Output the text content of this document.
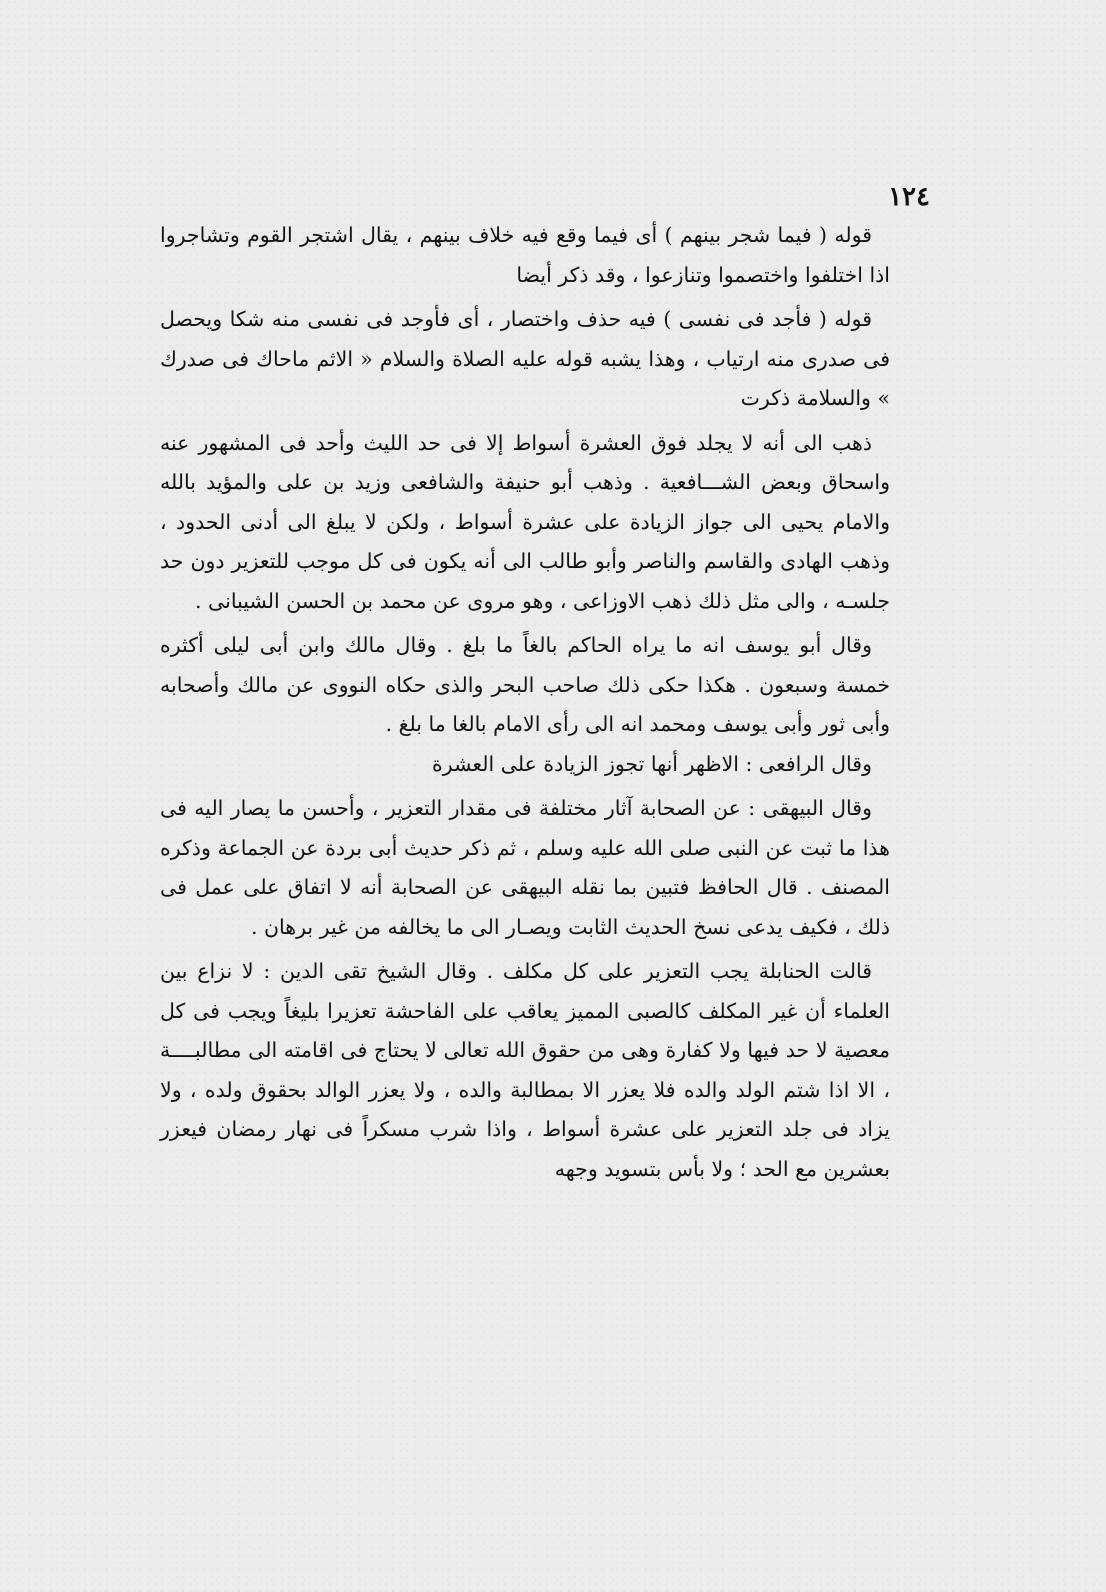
١٢٤

قوله ( فيما شجر بينهم ) أى فيما وقع فيه خلاف بينهم ، يقال اشتجر القوم وتشاجروا اذا اختلفوا واختصموا وتنازعوا ، وقد ذكر أيضا

قوله ( فأجد فى نفسى ) فيه حذف واختصار ، أى فأوجد فى نفسى منه شكا ويحصل فى صدرى منه ارتياب ، وهذا يشبه قوله عليه الصلاة والسلام « الاثم ماحاك فى صدرك » والسلامة ذكرت

ذهب الى أنه لا يجلد فوق العشرة أسواط إلا فى حد الليث وأحد فى المشهور عنه واسحاق وبعض الشـــافعية . وذهب أبو حنيفة والشافعى وزيد بن على والمؤيد بالله والامام يحيى الى جواز الزيادة على عشرة أسواط ، ولكن لا يبلغ الى أدنى الحدود ، وذهب الهادى والقاسم والناصر وأبو طالب الى أنه يكون فى كل موجب للتعزير دون حد جلسـه ، والى مثل ذلك ذهب الاوزاعى ، وهو مروى عن محمد بن الحسن الشيبانى .

وقال أبو يوسف انه ما يراه الحاكم بالغاً ما بلغ . وقال مالك وابن أبى ليلى أكثره خمسة وسبعون . هكذا حكى ذلك صاحب البحر والذى حكاه النووى عن مالك وأصحابه وأبى ثور وأبى يوسف ومحمد انه الى رأى الامام بالغا ما بلغ .

وقال الرافعى : الاظهر أنها تجوز الزيادة على العشرة

وقال البيهقى : عن الصحابة آثار مختلفة فى مقدار التعزير ، وأحسن ما يصار اليه فى هذا ما ثبت عن النبى صلى الله عليه وسلم ، ثم ذكر حديث أبى بردة عن الجماعة وذكره المصنف . قال الحافظ فتبين بما نقله البيهقى عن الصحابة أنه لا اتفاق على عمل فى ذلك ، فكيف يدعى نسخ الحديث الثابت ويصـار الى ما يخالفه من غير برهان .

قالت الحنابلة يجب التعزير على كل مكلف . وقال الشيخ تقى الدين : لا نزاع بين العلماء أن غير المكلف كالصبى المميز يعاقب على الفاحشة تعزيرا بليغاً ويجب فى كل معصية لا حد فيها ولا كفارة وهى من حقوق الله تعالى لا يحتاج فى اقامته الى مطالبــــة ، الا اذا شتم الولد والده فلا يعزر الا بمطالبة والده ، ولا يعزر الوالد بحقوق ولده ، ولا يزاد فى جلد التعزير على عشرة أسواط ، واذا شرب مسكراً فى نهار رمضان فيعزر بعشرين مع الحد ؛ ولا بأس بتسويد وجهه
